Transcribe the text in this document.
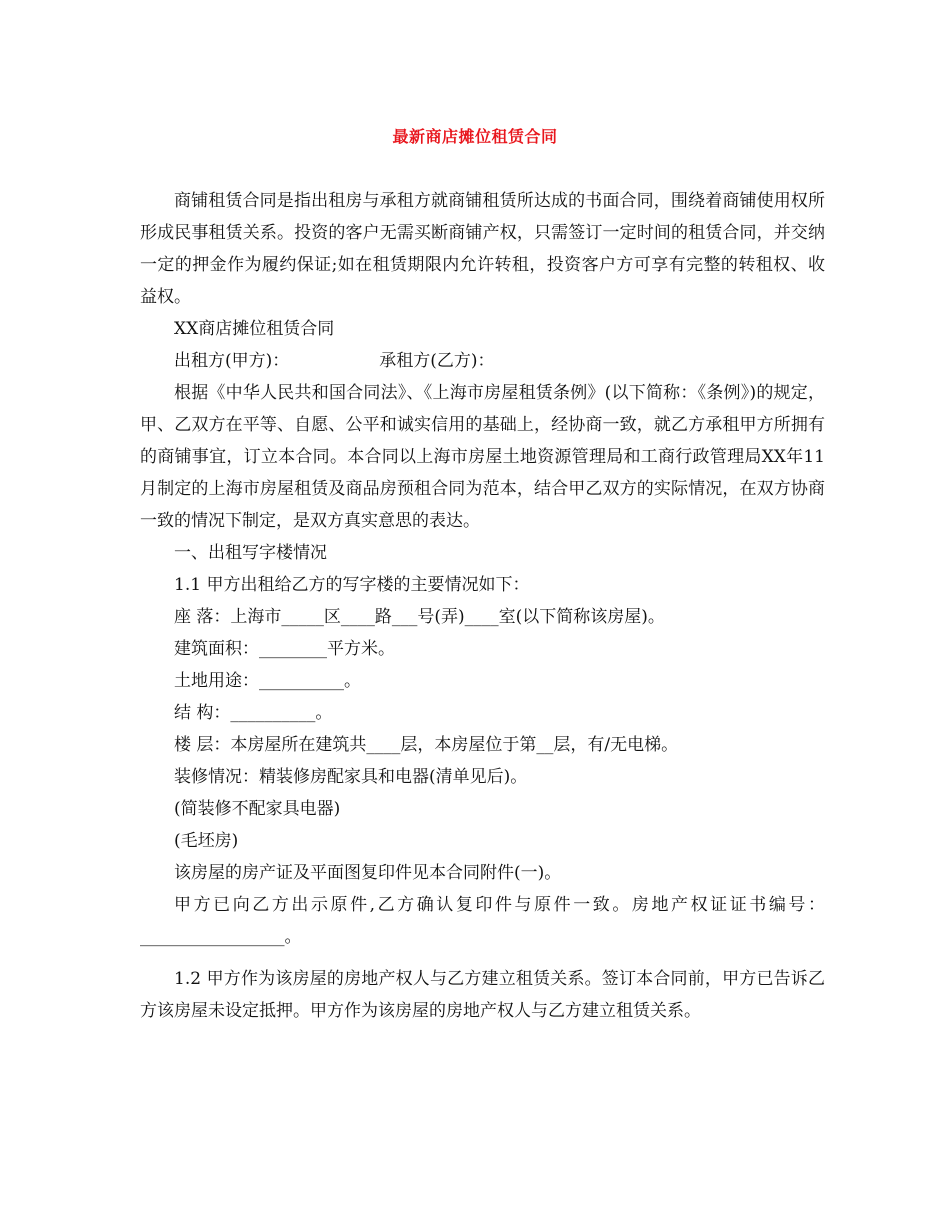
最新商店摊位租赁合同

商铺租赁合同是指出租房与承租方就商铺租赁所达成的书面合同，围绕着商铺使用权所形成民事租赁关系。投资的客户无需买断商铺产权，只需签订一定时间的租赁合同，并交纳一定的押金作为履约保证;如在租赁期限内允许转租，投资客户方可享有完整的转租权、收益权。

XX商店摊位租赁合同

出租方(甲方)：	承租方(乙方)：

根据《中华人民共和国合同法》、《上海市房屋租赁条例》(以下简称：《条例》)的规定，甲、乙双方在平等、自愿、公平和诚实信用的基础上，经协商一致，就乙方承租甲方所拥有的商铺事宜，订立本合同。本合同以上海市房屋土地资源管理局和工商行政管理局XX年11月制定的上海市房屋租赁及商品房预租合同为范本，结合甲乙双方的实际情况，在双方协商一致的情况下制定，是双方真实意思的表达。

一、出租写字楼情况

1.1 甲方出租给乙方的写字楼的主要情况如下：

座 落：上海市_____区____路___号(弄)____室(以下简称该房屋)。

建筑面积：________平方米。

土地用途：__________。

结 构：__________。

楼 层：本房屋所在建筑共____层，本房屋位于第__层，有/无电梯。

装修情况：精装修房配家具和电器(清单见后)。

(简装修不配家具电器)

(毛坯房)

该房屋的房产证及平面图复印件见本合同附件(一)。

甲方已向乙方出示原件,乙方确认复印件与原件一致。房地产权证证书编号：_________________。

1.2 甲方作为该房屋的房地产权人与乙方建立租赁关系。签订本合同前，甲方已告诉乙方该房屋未设定抵押。甲方作为该房屋的房地产权人与乙方建立租赁关系。
